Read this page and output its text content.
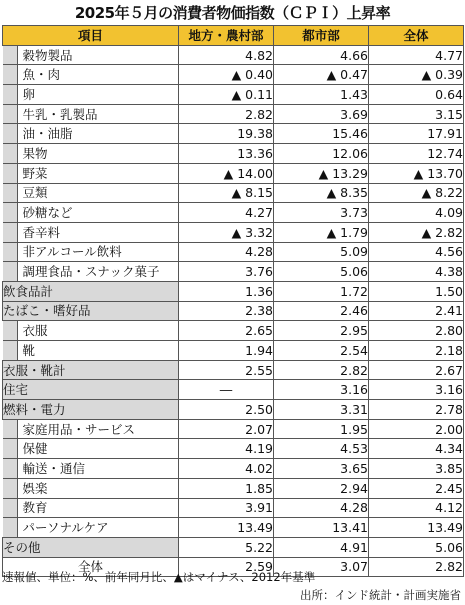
2025年５月の消費者物価指数（ＣＰＩ）上昇率
項目	地方・農村部	都市部	全体
穀物製品	4.82	4.66	4.77
魚・肉	▲ 0.40	▲ 0.47	▲ 0.39
卵	▲ 0.11	1.43	0.64
牛乳・乳製品	2.82	3.69	3.15
油・油脂	19.38	15.46	17.91
果物	13.36	12.06	12.74
野菜	▲ 14.00	▲ 13.29	▲ 13.70
豆類	▲ 8.15	▲ 8.35	▲ 8.22
砂糖など	4.27	3.73	4.09
香辛料	▲ 3.32	▲ 1.79	▲ 2.82
非アルコール飲料	4.28	5.09	4.56
調理食品・スナック菓子	3.76	5.06	4.38
飲食品計	1.36	1.72	1.50
たばこ・嗜好品	2.38	2.46	2.41
衣服	2.65	2.95	2.80
靴	1.94	2.54	2.18
衣服・靴計	2.55	2.82	2.67
住宅	―	3.16	3.16
燃料・電力	2.50	3.31	2.78
家庭用品・サービス	2.07	1.95	2.00
保健	4.19	4.53	4.34
輸送・通信	4.02	3.65	3.85
娯楽	1.85	2.94	2.45
教育	3.91	4.28	4.12
パーソナルケア	13.49	13.41	13.49
その他	5.22	4.91	5.06
全体	2.59	3.07	2.82
速報値、単位：%、前年同月比、▲はマイナス、2012年基準
出所：インド統計・計画実施省
